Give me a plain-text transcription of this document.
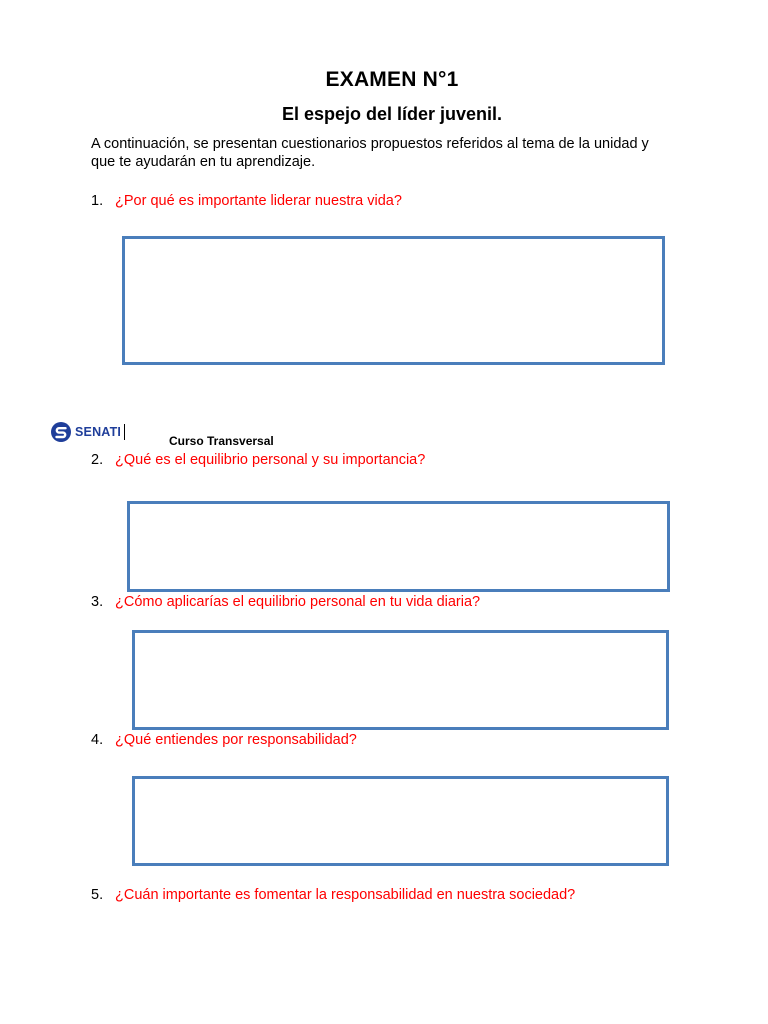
EXAMEN N°1
El espejo del líder juvenil.
A continuación, se presentan cuestionarios propuestos referidos al tema de la unidad y
que te ayudarán en tu aprendizaje.
1. ¿Por qué es importante liderar nuestra vida?
SENATI
Curso Transversal
2. ¿Qué es el equilibrio personal y su importancia?
3. ¿Cómo aplicarías el equilibrio personal en tu vida diaria?
4. ¿Qué entiendes por responsabilidad?
5. ¿Cuán importante es fomentar la responsabilidad en nuestra sociedad?
